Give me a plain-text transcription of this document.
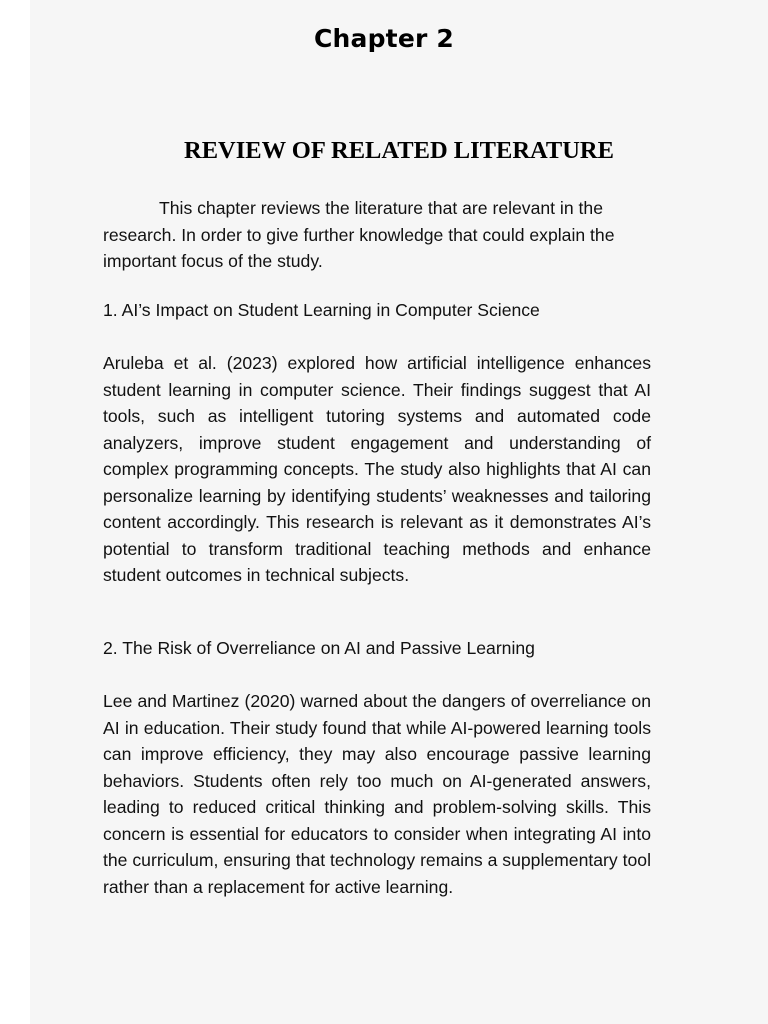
Chapter 2
REVIEW OF RELATED LITERATURE

This chapter reviews the literature that are relevant in the research. In order to give further knowledge that could explain the important focus of the study.

1. AI’s Impact on Student Learning in Computer Science

Aruleba et al. (2023) explored how artificial intelligence enhances student learning in computer science. Their findings suggest that AI tools, such as intelligent tutoring systems and automated code analyzers, improve student engagement and understanding of complex programming concepts. The study also highlights that AI can personalize learning by identifying students’ weaknesses and tailoring content accordingly. This research is relevant as it demonstrates AI’s potential to transform traditional teaching methods and enhance student outcomes in technical subjects.

2. The Risk of Overreliance on AI and Passive Learning

Lee and Martinez (2020) warned about the dangers of overreliance on AI in education. Their study found that while AI-powered learning tools can improve efficiency, they may also encourage passive learning behaviors. Students often rely too much on AI-generated answers, leading to reduced critical thinking and problem-solving skills. This concern is essential for educators to consider when integrating AI into the curriculum, ensuring that technology remains a supplementary tool rather than a replacement for active learning.
